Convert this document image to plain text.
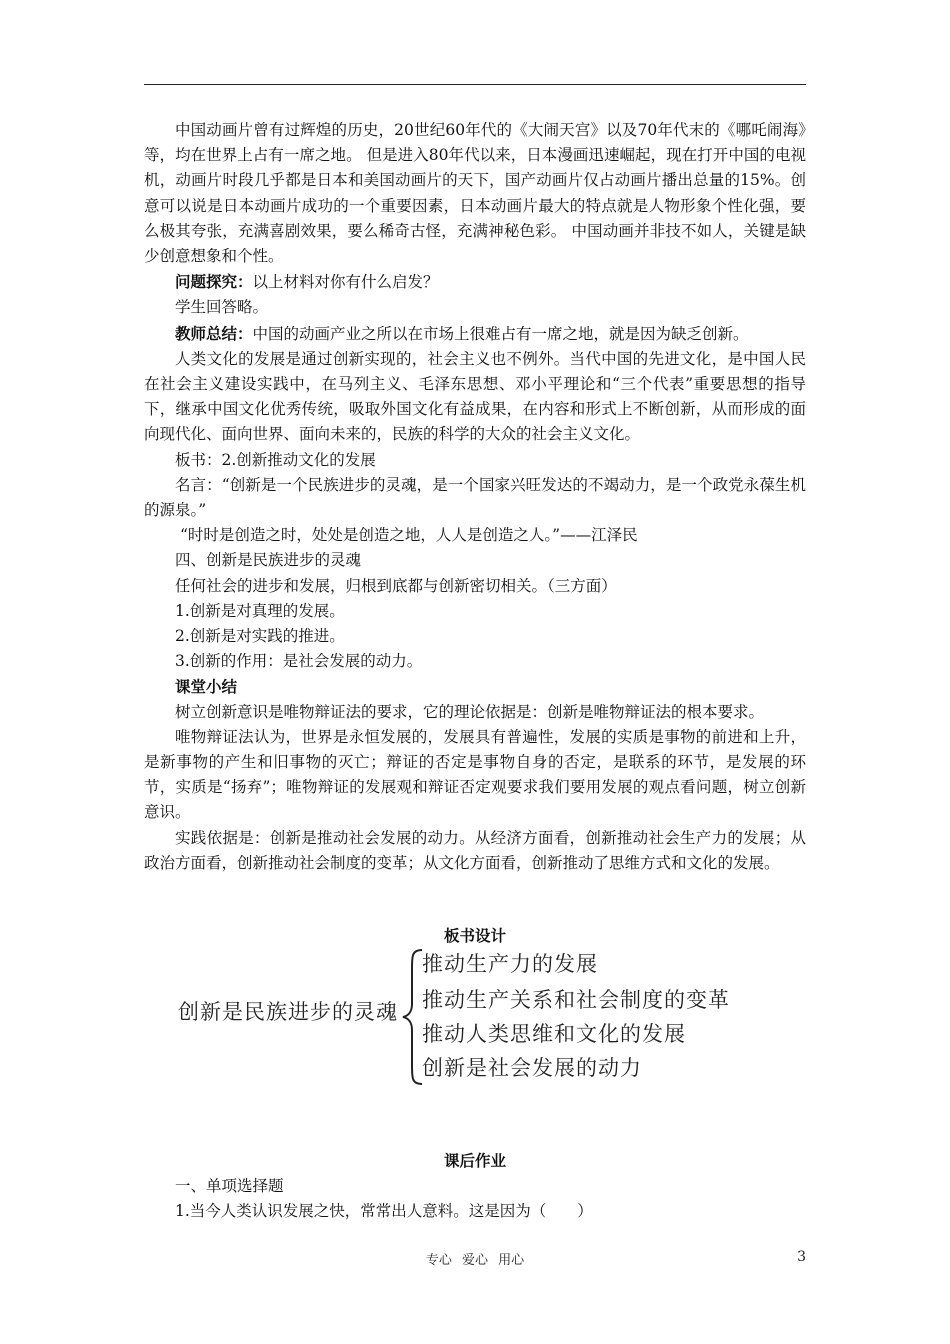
中国动画片曾有过辉煌的历史，20世纪60年代的《大闹天宫》以及70年代末的《哪吒闹海》等，均在世界上占有一席之地。 但是进入80年代以来，日本漫画迅速崛起，现在打开中国的电视机，动画片时段几乎都是日本和美国动画片的天下，国产动画片仅占动画片播出总量的15%。创意可以说是日本动画片成功的一个重要因素，日本动画片最大的特点就是人物形象个性化强，要么极其夸张，充满喜剧效果，要么稀奇古怪，充满神秘色彩。 中国动画并非技不如人，关键是缺少创意想象和个性。

问题探究：以上材料对你有什么启发？

学生回答略。

教师总结：中国的动画产业之所以在市场上很难占有一席之地，就是因为缺乏创新。

人类文化的发展是通过创新实现的，社会主义也不例外。当代中国的先进文化，是中国人民在社会主义建设实践中，在马列主义、毛泽东思想、邓小平理论和“三个代表”重要思想的指导下，继承中国文化优秀传统，吸取外国文化有益成果，在内容和形式上不断创新，从而形成的面向现代化、面向世界、面向未来的，民族的科学的大众的社会主义文化。

板书：2.创新推动文化的发展

名言：“创新是一个民族进步的灵魂，是一个国家兴旺发达的不竭动力，是一个政党永葆生机的源泉。”

“时时是创造之时，处处是创造之地，人人是创造之人。”——江泽民

四、创新是民族进步的灵魂

任何社会的进步和发展，归根到底都与创新密切相关。（三方面）

1.创新是对真理的发展。

2.创新是对实践的推进。

3.创新的作用：是社会发展的动力。

课堂小结

树立创新意识是唯物辩证法的要求，它的理论依据是：创新是唯物辩证法的根本要求。

唯物辩证法认为，世界是永恒发展的，发展具有普遍性，发展的实质是事物的前进和上升，是新事物的产生和旧事物的灭亡；辩证的否定是事物自身的否定，是联系的环节，是发展的环节，实质是“扬弃”；唯物辩证的发展观和辩证否定观要求我们要用发展的观点看问题，树立创新意识。

实践依据是：创新是推动社会发展的动力。从经济方面看，创新推动社会生产力的发展；从政治方面看，创新推动社会制度的变革；从文化方面看，创新推动了思维方式和文化的发展。

板书设计
创新是民族进步的灵魂
推动生产力的发展
推动生产关系和社会制度的变革
推动人类思维和文化的发展
创新是社会发展的动力
课后作业

一、单项选择题

1.当今人类认识发展之快，常常出人意料。这是因为（　　）

专心 爱心 用心	3
